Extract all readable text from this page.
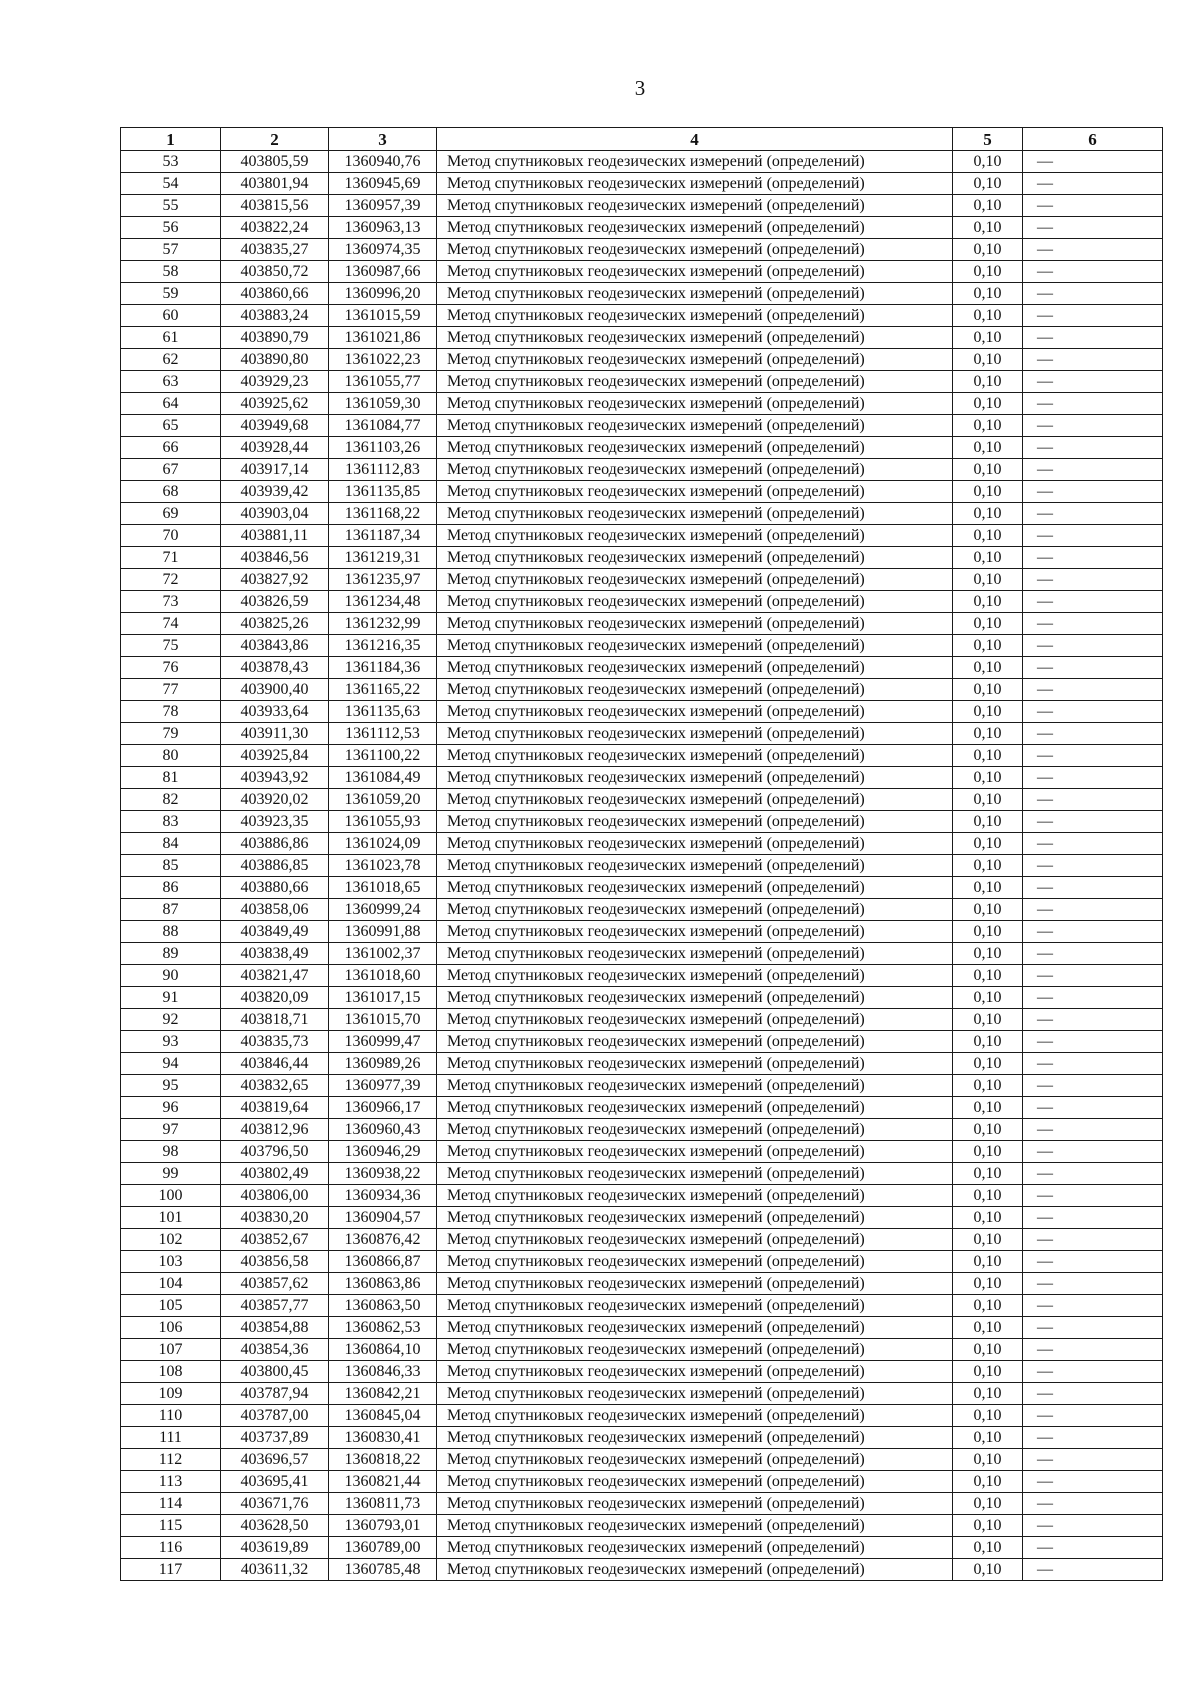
3
1	2	3	4	5	6
53	403805,59	1360940,76	Метод спутниковых геодезических измерений (определений)	0,10	—
54	403801,94	1360945,69	Метод спутниковых геодезических измерений (определений)	0,10	—
55	403815,56	1360957,39	Метод спутниковых геодезических измерений (определений)	0,10	—
56	403822,24	1360963,13	Метод спутниковых геодезических измерений (определений)	0,10	—
57	403835,27	1360974,35	Метод спутниковых геодезических измерений (определений)	0,10	—
58	403850,72	1360987,66	Метод спутниковых геодезических измерений (определений)	0,10	—
59	403860,66	1360996,20	Метод спутниковых геодезических измерений (определений)	0,10	—
60	403883,24	1361015,59	Метод спутниковых геодезических измерений (определений)	0,10	—
61	403890,79	1361021,86	Метод спутниковых геодезических измерений (определений)	0,10	—
62	403890,80	1361022,23	Метод спутниковых геодезических измерений (определений)	0,10	—
63	403929,23	1361055,77	Метод спутниковых геодезических измерений (определений)	0,10	—
64	403925,62	1361059,30	Метод спутниковых геодезических измерений (определений)	0,10	—
65	403949,68	1361084,77	Метод спутниковых геодезических измерений (определений)	0,10	—
66	403928,44	1361103,26	Метод спутниковых геодезических измерений (определений)	0,10	—
67	403917,14	1361112,83	Метод спутниковых геодезических измерений (определений)	0,10	—
68	403939,42	1361135,85	Метод спутниковых геодезических измерений (определений)	0,10	—
69	403903,04	1361168,22	Метод спутниковых геодезических измерений (определений)	0,10	—
70	403881,11	1361187,34	Метод спутниковых геодезических измерений (определений)	0,10	—
71	403846,56	1361219,31	Метод спутниковых геодезических измерений (определений)	0,10	—
72	403827,92	1361235,97	Метод спутниковых геодезических измерений (определений)	0,10	—
73	403826,59	1361234,48	Метод спутниковых геодезических измерений (определений)	0,10	—
74	403825,26	1361232,99	Метод спутниковых геодезических измерений (определений)	0,10	—
75	403843,86	1361216,35	Метод спутниковых геодезических измерений (определений)	0,10	—
76	403878,43	1361184,36	Метод спутниковых геодезических измерений (определений)	0,10	—
77	403900,40	1361165,22	Метод спутниковых геодезических измерений (определений)	0,10	—
78	403933,64	1361135,63	Метод спутниковых геодезических измерений (определений)	0,10	—
79	403911,30	1361112,53	Метод спутниковых геодезических измерений (определений)	0,10	—
80	403925,84	1361100,22	Метод спутниковых геодезических измерений (определений)	0,10	—
81	403943,92	1361084,49	Метод спутниковых геодезических измерений (определений)	0,10	—
82	403920,02	1361059,20	Метод спутниковых геодезических измерений (определений)	0,10	—
83	403923,35	1361055,93	Метод спутниковых геодезических измерений (определений)	0,10	—
84	403886,86	1361024,09	Метод спутниковых геодезических измерений (определений)	0,10	—
85	403886,85	1361023,78	Метод спутниковых геодезических измерений (определений)	0,10	—
86	403880,66	1361018,65	Метод спутниковых геодезических измерений (определений)	0,10	—
87	403858,06	1360999,24	Метод спутниковых геодезических измерений (определений)	0,10	—
88	403849,49	1360991,88	Метод спутниковых геодезических измерений (определений)	0,10	—
89	403838,49	1361002,37	Метод спутниковых геодезических измерений (определений)	0,10	—
90	403821,47	1361018,60	Метод спутниковых геодезических измерений (определений)	0,10	—
91	403820,09	1361017,15	Метод спутниковых геодезических измерений (определений)	0,10	—
92	403818,71	1361015,70	Метод спутниковых геодезических измерений (определений)	0,10	—
93	403835,73	1360999,47	Метод спутниковых геодезических измерений (определений)	0,10	—
94	403846,44	1360989,26	Метод спутниковых геодезических измерений (определений)	0,10	—
95	403832,65	1360977,39	Метод спутниковых геодезических измерений (определений)	0,10	—
96	403819,64	1360966,17	Метод спутниковых геодезических измерений (определений)	0,10	—
97	403812,96	1360960,43	Метод спутниковых геодезических измерений (определений)	0,10	—
98	403796,50	1360946,29	Метод спутниковых геодезических измерений (определений)	0,10	—
99	403802,49	1360938,22	Метод спутниковых геодезических измерений (определений)	0,10	—
100	403806,00	1360934,36	Метод спутниковых геодезических измерений (определений)	0,10	—
101	403830,20	1360904,57	Метод спутниковых геодезических измерений (определений)	0,10	—
102	403852,67	1360876,42	Метод спутниковых геодезических измерений (определений)	0,10	—
103	403856,58	1360866,87	Метод спутниковых геодезических измерений (определений)	0,10	—
104	403857,62	1360863,86	Метод спутниковых геодезических измерений (определений)	0,10	—
105	403857,77	1360863,50	Метод спутниковых геодезических измерений (определений)	0,10	—
106	403854,88	1360862,53	Метод спутниковых геодезических измерений (определений)	0,10	—
107	403854,36	1360864,10	Метод спутниковых геодезических измерений (определений)	0,10	—
108	403800,45	1360846,33	Метод спутниковых геодезических измерений (определений)	0,10	—
109	403787,94	1360842,21	Метод спутниковых геодезических измерений (определений)	0,10	—
110	403787,00	1360845,04	Метод спутниковых геодезических измерений (определений)	0,10	—
111	403737,89	1360830,41	Метод спутниковых геодезических измерений (определений)	0,10	—
112	403696,57	1360818,22	Метод спутниковых геодезических измерений (определений)	0,10	—
113	403695,41	1360821,44	Метод спутниковых геодезических измерений (определений)	0,10	—
114	403671,76	1360811,73	Метод спутниковых геодезических измерений (определений)	0,10	—
115	403628,50	1360793,01	Метод спутниковых геодезических измерений (определений)	0,10	—
116	403619,89	1360789,00	Метод спутниковых геодезических измерений (определений)	0,10	—
117	403611,32	1360785,48	Метод спутниковых геодезических измерений (определений)	0,10	—
